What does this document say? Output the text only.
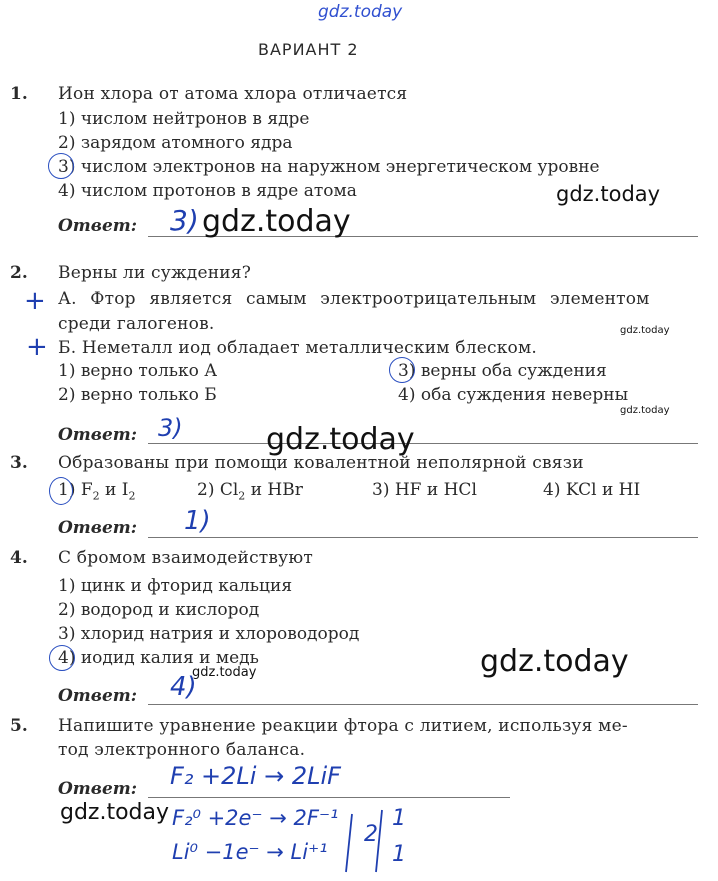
gdz.today
ВАРИАНТ 2
1. Ион хлора от атома хлора отличается
1) числом нейтронов в ядре
2) зарядом атомного ядра
3) числом электронов на наружном энергетическом уровне
4) числом протонов в ядре атома	gdz.today
Ответ: 3) gdz.today
2. Верны ли суждения?
+ А. Фтор является самым электроотрицательным элементом
среди галогенов.	gdz.today
+ Б. Неметалл иод обладает металлическим блеском.
1) верно только А	3) верны оба суждения
2) верно только Б	4) оба суждения неверны
gdz.today
Ответ: 3)	gdz.today
3. Образованы при помощи ковалентной неполярной связи
1) $F_2$ и $I_2$	2) $Cl_2$ и HBr	3) HF и HCl	4) KCl и HI
Ответ: 1)
4. С бромом взаимодействуют
1) цинк и фторид кальция
2) водород и кислород
3) хлорид натрия и хлороводород
4) иодид калия и медь	gdz.today
gdz.today
Ответ: 4)
5. Напишите уравнение реакции фтора с литием, используя ме-
тод электронного баланса.
Ответ: F₂ +2Li → 2LiF
gdz.today F₂⁰ +2e⁻ → 2F⁻¹
Li⁰ −1e⁻ → Li⁺¹
2
1
1
